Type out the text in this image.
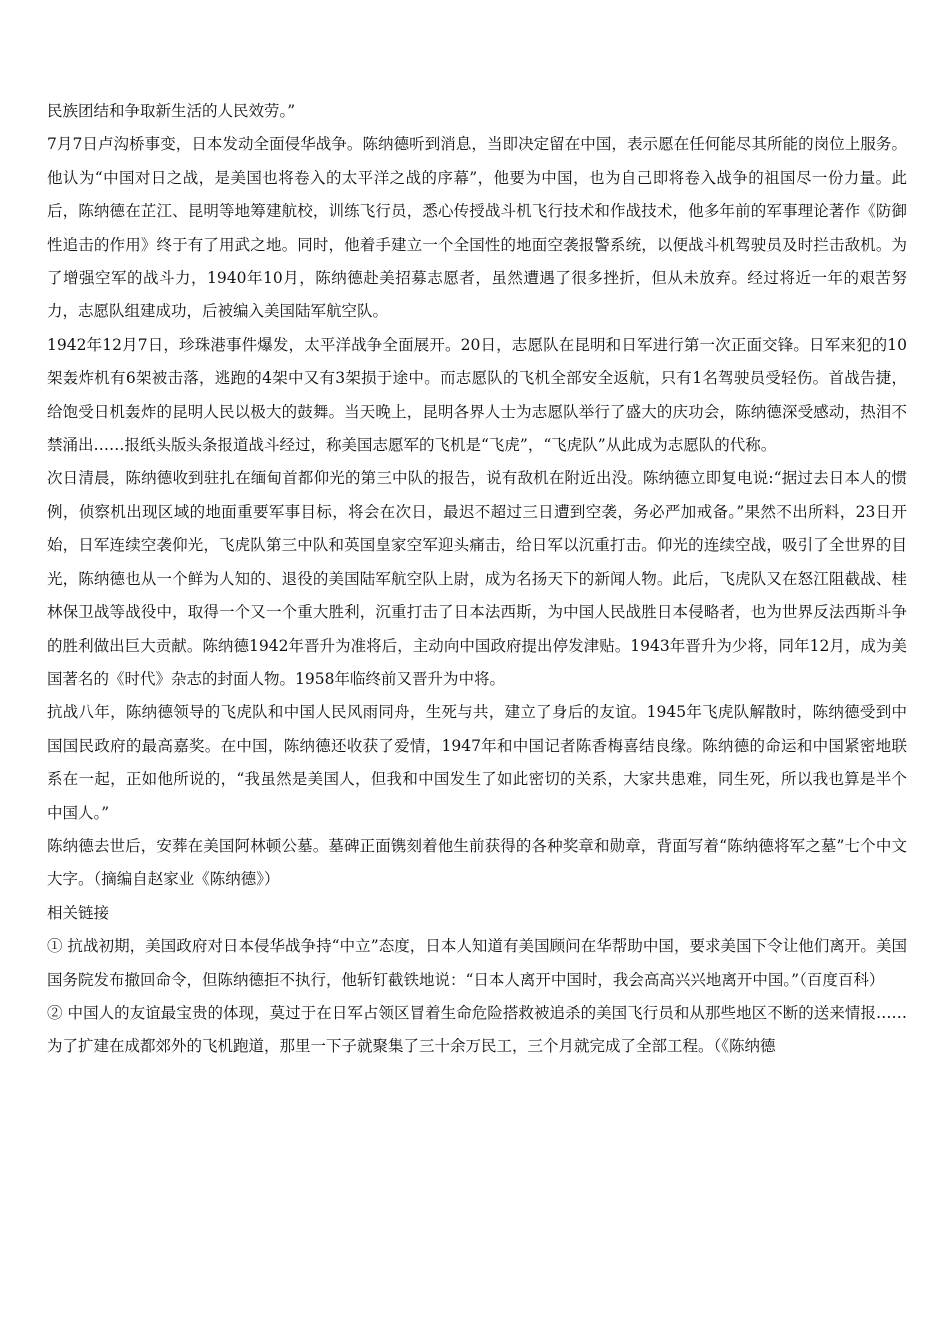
民族团结和争取新生活的人民效劳。”

7月7日卢沟桥事变，日本发动全面侵华战争。陈纳德听到消息，当即决定留在中国，表示愿在任何能尽其所能的岗位上服务。他认为“中国对日之战，是美国也将卷入的太平洋之战的序幕”，他要为中国，也为自己即将卷入战争的祖国尽一份力量。此后，陈纳德在芷江、昆明等地筹建航校，训练飞行员，悉心传授战斗机飞行技术和作战技术，他多年前的军事理论著作《防御性追击的作用》终于有了用武之地。同时，他着手建立一个全国性的地面空袭报警系统，以便战斗机驾驶员及时拦击敌机。为了增强空军的战斗力，1940年10月，陈纳德赴美招募志愿者，虽然遭遇了很多挫折，但从未放弃。经过将近一年的艰苦努力，志愿队组建成功，后被编入美国陆军航空队。

1942年12月7日，珍珠港事件爆发，太平洋战争全面展开。20日，志愿队在昆明和日军进行第一次正面交锋。日军来犯的10架轰炸机有6架被击落，逃跑的4架中又有3架损于途中。而志愿队的飞机全部安全返航，只有1名驾驶员受轻伤。首战告捷，给饱受日机轰炸的昆明人民以极大的鼓舞。当天晚上，昆明各界人士为志愿队举行了盛大的庆功会，陈纳德深受感动，热泪不禁涌出……报纸头版头条报道战斗经过，称美国志愿军的飞机是“飞虎”，“飞虎队”从此成为志愿队的代称。

次日清晨，陈纳德收到驻扎在缅甸首都仰光的第三中队的报告，说有敌机在附近出没。陈纳德立即复电说:“据过去日本人的惯例，侦察机出现区域的地面重要军事目标，将会在次日，最迟不超过三日遭到空袭，务必严加戒备。”果然不出所料，23日开始，日军连续空袭仰光，飞虎队第三中队和英国皇家空军迎头痛击，给日军以沉重打击。仰光的连续空战，吸引了全世界的目光，陈纳德也从一个鲜为人知的、退役的美国陆军航空队上尉，成为名扬天下的新闻人物。此后，飞虎队又在怒江阻截战、桂林保卫战等战役中，取得一个又一个重大胜利，沉重打击了日本法西斯，为中国人民战胜日本侵略者，也为世界反法西斯斗争的胜利做出巨大贡献。陈纳德1942年晋升为准将后，主动向中国政府提出停发津贴。1943年晋升为少将，同年12月，成为美国著名的《时代》杂志的封面人物。1958年临终前又晋升为中将。

抗战八年，陈纳德领导的飞虎队和中国人民风雨同舟，生死与共，建立了身后的友谊。1945年飞虎队解散时，陈纳德受到中国国民政府的最高嘉奖。在中国，陈纳德还收获了爱情，1947年和中国记者陈香梅喜结良缘。陈纳德的命运和中国紧密地联系在一起，正如他所说的，“我虽然是美国人，但我和中国发生了如此密切的关系，大家共患难，同生死，所以我也算是半个中国人。”

陈纳德去世后，安葬在美国阿林顿公墓。墓碑正面镌刻着他生前获得的各种奖章和勋章，背面写着“陈纳德将军之墓”七个中文大字。（摘编自赵家业《陈纳德》）

相关链接

① 抗战初期，美国政府对日本侵华战争持“中立”态度，日本人知道有美国顾问在华帮助中国，要求美国下令让他们离开。美国国务院发布撤回命令，但陈纳德拒不执行，他斩钉截铁地说：“日本人离开中国时，我会高高兴兴地离开中国。”（百度百科）

② 中国人的友谊最宝贵的体现，莫过于在日军占领区冒着生命危险搭救被追杀的美国飞行员和从那些地区不断的送来情报……为了扩建在成都郊外的飞机跑道，那里一下子就聚集了三十余万民工，三个月就完成了全部工程。（《陈纳德
